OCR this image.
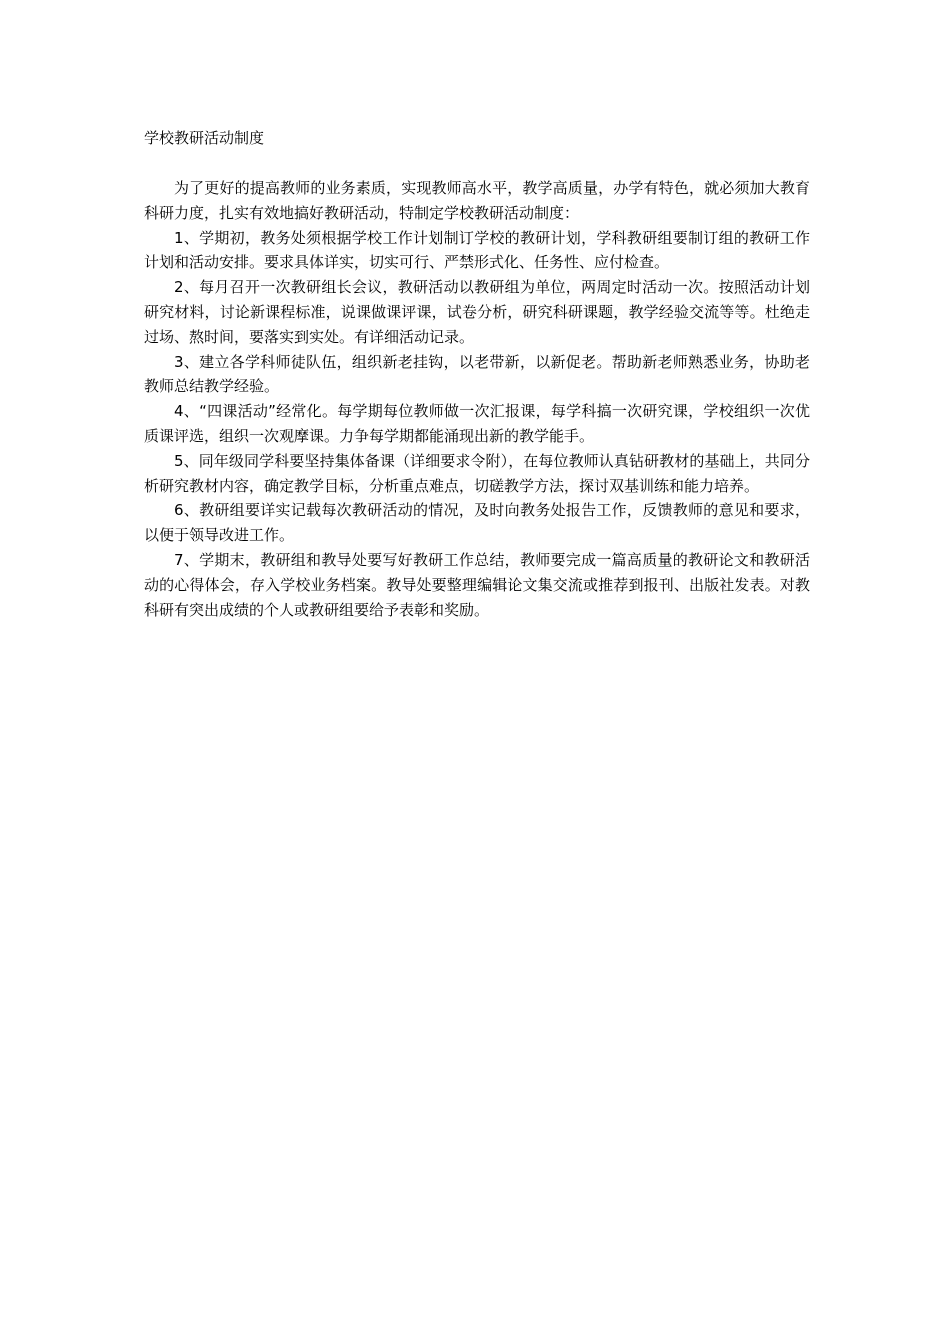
学校教研活动制度

为了更好的提高教师的业务素质，实现教师高水平，教学高质量，办学有特色，就必须加大教育科研力度，扎实有效地搞好教研活动，特制定学校教研活动制度：

1、学期初，教务处须根据学校工作计划制订学校的教研计划，学科教研组要制订组的教研工作计划和活动安排。要求具体详实，切实可行、严禁形式化、任务性、应付检查。

2、每月召开一次教研组长会议，教研活动以教研组为单位，两周定时活动一次。按照活动计划研究材料，讨论新课程标准，说课做课评课，试卷分析，研究科研课题，教学经验交流等等。杜绝走过场、熬时间，要落实到实处。有详细活动记录。

3、建立各学科师徒队伍，组织新老挂钩，以老带新，以新促老。帮助新老师熟悉业务，协助老教师总结教学经验。

4、“四课活动”经常化。每学期每位教师做一次汇报课，每学科搞一次研究课，学校组织一次优质课评选，组织一次观摩课。力争每学期都能涌现出新的教学能手。

5、同年级同学科要坚持集体备课（详细要求令附），在每位教师认真钻研教材的基础上，共同分析研究教材内容，确定教学目标，分析重点难点，切磋教学方法，探讨双基训练和能力培养。

6、教研组要详实记载每次教研活动的情况，及时向教务处报告工作，反馈教师的意见和要求，以便于领导改进工作。

7、学期末，教研组和教导处要写好教研工作总结，教师要完成一篇高质量的教研论文和教研活动的心得体会，存入学校业务档案。教导处要整理编辑论文集交流或推荐到报刊、出版社发表。对教科研有突出成绩的个人或教研组要给予表彰和奖励。
